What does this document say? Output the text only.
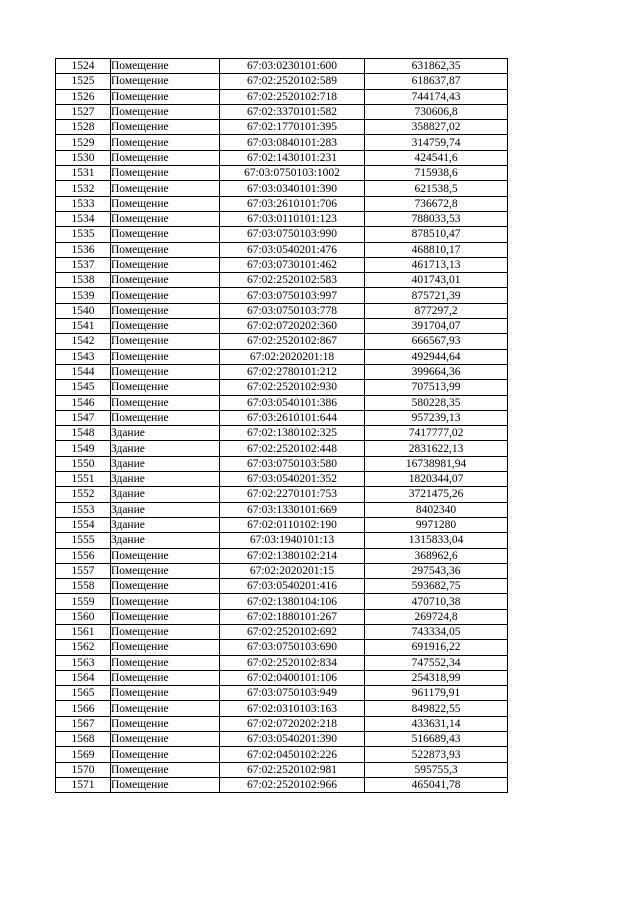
1524	Помещение	67:03:0230101:600	631862,35
1525	Помещение	67:02:2520102:589	618637,87
1526	Помещение	67:02:2520102:718	744174,43
1527	Помещение	67:02:3370101:582	730606,8
1528	Помещение	67:02:1770101:395	358827,02
1529	Помещение	67:03:0840101:283	314759,74
1530	Помещение	67:02:1430101:231	424541,6
1531	Помещение	67:03:0750103:1002	715938,6
1532	Помещение	67:03:0340101:390	621538,5
1533	Помещение	67:03:2610101:706	736672,8
1534	Помещение	67:03:0110101:123	788033,53
1535	Помещение	67:03:0750103:990	878510,47
1536	Помещение	67:03:0540201:476	468810,17
1537	Помещение	67:03:0730101:462	461713,13
1538	Помещение	67:02:2520102:583	401743,01
1539	Помещение	67:03:0750103:997	875721,39
1540	Помещение	67:03:0750103:778	877297,2
1541	Помещение	67:02:0720202:360	391704,07
1542	Помещение	67:02:2520102:867	666567,93
1543	Помещение	67:02:2020201:18	492944,64
1544	Помещение	67:02:2780101:212	399664,36
1545	Помещение	67:02:2520102:930	707513,99
1546	Помещение	67:03:0540101:386	580228,35
1547	Помещение	67:03:2610101:644	957239,13
1548	Здание	67:02:1380102:325	7417777,02
1549	Здание	67:02:2520102:448	2831622,13
1550	Здание	67:03:0750103:580	16738981,94
1551	Здание	67:03:0540201:352	1820344,07
1552	Здание	67:02:2270101:753	3721475,26
1553	Здание	67:03:1330101:669	8402340
1554	Здание	67:02:0110102:190	9971280
1555	Здание	67:03:1940101:13	1315833,04
1556	Помещение	67:02:1380102:214	368962,6
1557	Помещение	67:02:2020201:15	297543,36
1558	Помещение	67:03:0540201:416	593682,75
1559	Помещение	67:02:1380104:106	470710,38
1560	Помещение	67:02:1880101:267	269724,8
1561	Помещение	67:02:2520102:692	743334,05
1562	Помещение	67:03:0750103:690	691916,22
1563	Помещение	67:02:2520102:834	747552,34
1564	Помещение	67:02:0400101:106	254318,99
1565	Помещение	67:03:0750103:949	961179,91
1566	Помещение	67:02:0310103:163	849822,55
1567	Помещение	67:02:0720202:218	433631,14
1568	Помещение	67:03:0540201:390	516689,43
1569	Помещение	67:02:0450102:226	522873,93
1570	Помещение	67:02:2520102:981	595755,3
1571	Помещение	67:02:2520102:966	465041,78
